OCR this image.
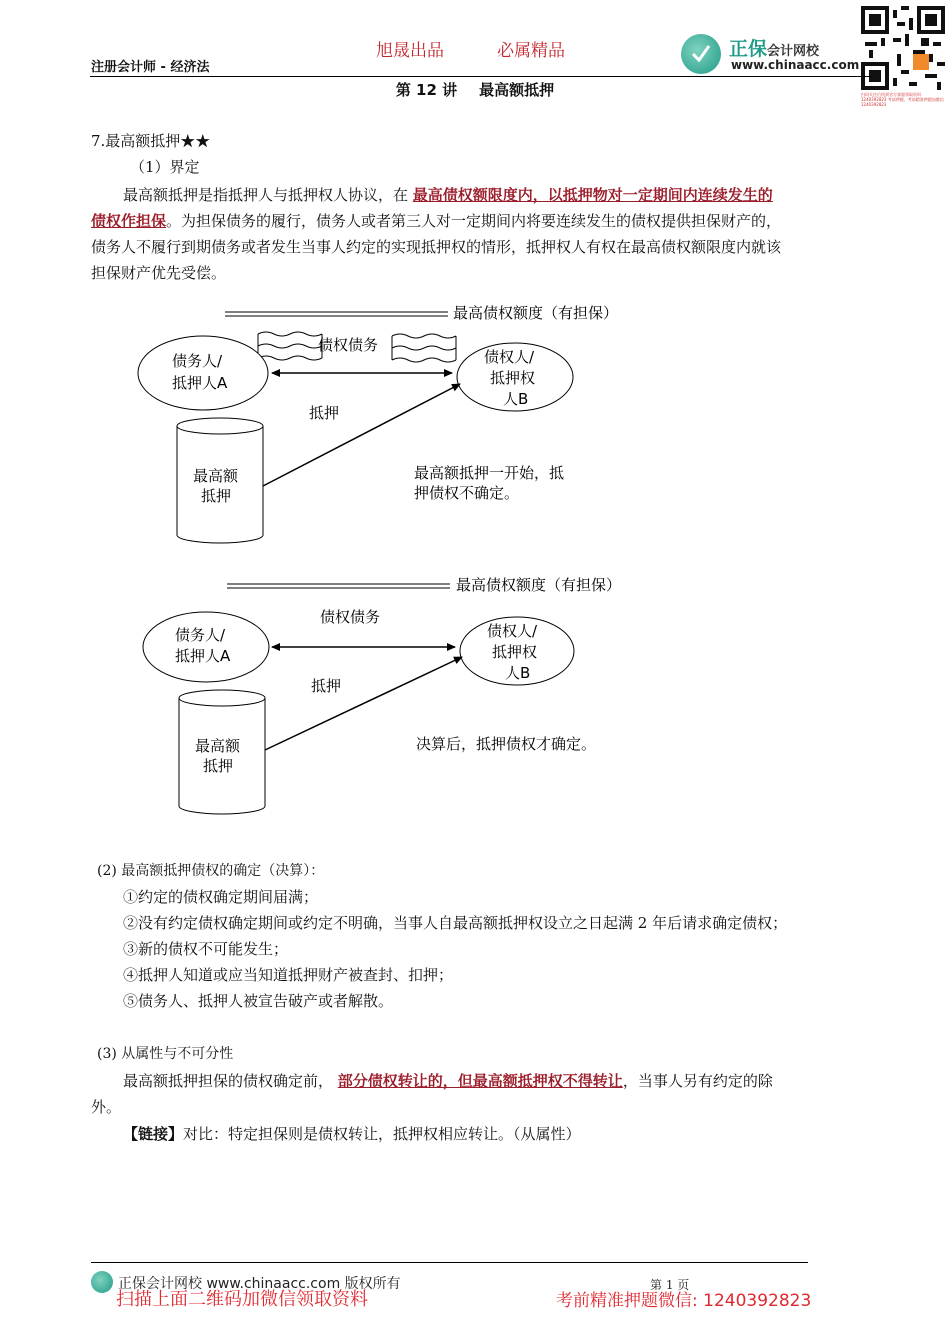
注册会计师 - 经济法
旭晟出品	必属精品	正保会计网校
www.chinaacc.com
扫码关注后找到官方客服领取资料 1240392823 考前押题，考前精准押题加微信 1240392823
第 12 讲 最高额抵押
7.最高额抵押★★
（1）界定
最高额抵押是指抵押人与抵押权人协议，在 最高债权额限度内，以抵押物对一定期间内连续发生的
债权作担保。为担保债务的履行，债务人或者第三人对一定期间内将要连续发生的债权提供担保财产的，
债务人不履行到期债务或者发生当事人约定的实现抵押权的情形，抵押权人有权在最高债权额限度内就该
担保财产优先受偿。
最高债权额度（有担保）
债权债务
债务人/
抵押人A
债权人/
抵押权
人B
抵押
最高额
抵押
最高额抵押一开始，抵
押债权不确定。
最高债权额度（有担保）
债权债务
债务人/
抵押人A
债权人/
抵押权
人B
抵押
最高额
抵押
决算后，抵押债权才确定。
(2) 最高额抵押债权的确定（决算）：
①约定的债权确定期间届满；
②没有约定债权确定期间或约定不明确，当事人自最高额抵押权设立之日起满 2 年后请求确定债权；
③新的债权不可能发生；
④抵押人知道或应当知道抵押财产被查封、扣押；
⑤债务人、抵押人被宣告破产或者解散。
(3) 从属性与不可分性
最高额抵押担保的债权确定前， 部分债权转让的，但最高额抵押权不得转让，当事人另有约定的除
外。
【链接】对比：特定担保则是债权转让，抵押权相应转让。（从属性）
正保会计网校 www.chinaacc.com 版权所有	第 1 页
扫描上面二维码加微信领取资料	考前精准押题微信: 1240392823
